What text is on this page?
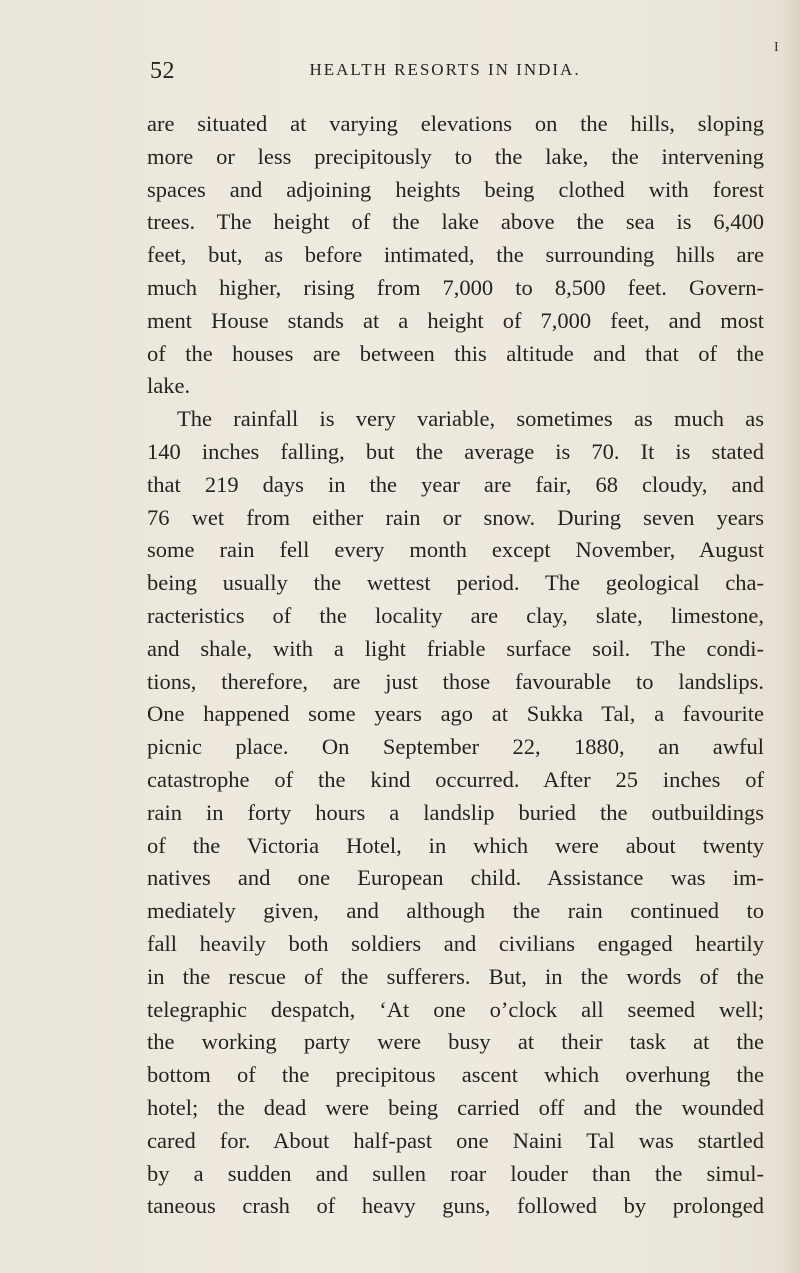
I
52	HEALTH RESORTS IN INDIA.
are situated at varying elevations on the hills, sloping
more or less precipitously to the lake, the intervening
spaces and adjoining heights being clothed with forest
trees. The height of the lake above the sea is 6,400
feet, but, as before intimated, the surrounding hills are
much higher, rising from 7,000 to 8,500 feet. Govern-
ment House stands at a height of 7,000 feet, and most
of the houses are between this altitude and that of the
lake.
The rainfall is very variable, sometimes as much as
140 inches falling, but the average is 70. It is stated
that 219 days in the year are fair, 68 cloudy, and
76 wet from either rain or snow. During seven years
some rain fell every month except November, August
being usually the wettest period. The geological cha-
racteristics of the locality are clay, slate, limestone,
and shale, with a light friable surface soil. The condi-
tions, therefore, are just those favourable to landslips.
One happened some years ago at Sukka Tal, a favourite
picnic place. On September 22, 1880, an awful
catastrophe of the kind occurred. After 25 inches of
rain in forty hours a landslip buried the outbuildings
of the Victoria Hotel, in which were about twenty
natives and one European child. Assistance was im-
mediately given, and although the rain continued to
fall heavily both soldiers and civilians engaged heartily
in the rescue of the sufferers. But, in the words of the
telegraphic despatch, ‘At one o’clock all seemed well;
the working party were busy at their task at the
bottom of the precipitous ascent which overhung the
hotel; the dead were being carried off and the wounded
cared for. About half-past one Naini Tal was startled
by a sudden and sullen roar louder than the simul-
taneous crash of heavy guns, followed by prolonged
